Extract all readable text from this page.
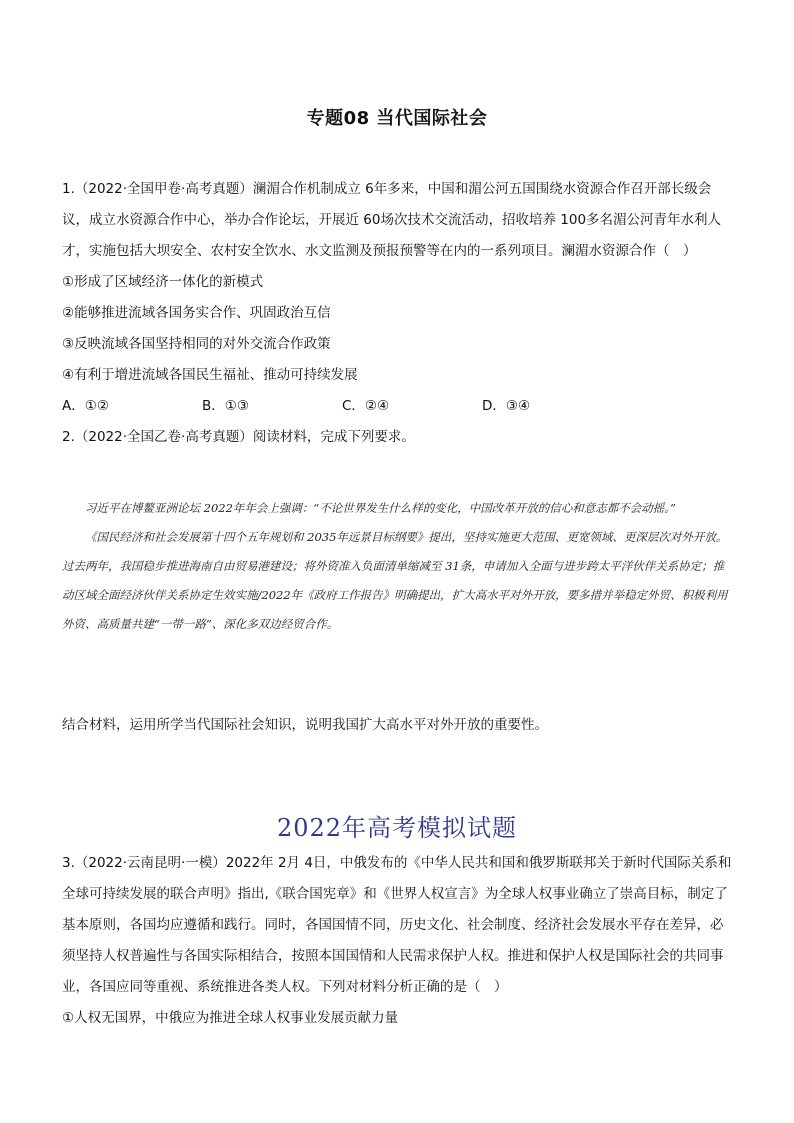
专题08 当代国际社会

1.（2022·全国甲卷·高考真题）澜湄合作机制成立 6年多来，中国和湄公河五国围绕水资源合作召开部长级会议，成立水资源合作中心，举办合作论坛，开展近 60场次技术交流活动，招收培养 100多名湄公河青年水利人才，实施包括大坝安全、农村安全饮水、水文监测及预报预警等在内的一系列项目。澜湄水资源合作（　）

①形成了区域经济一体化的新模式

②能够推进流域各国务实合作、巩固政治互信

③反映流域各国坚持相同的对外交流合作政策

④有利于增进流域各国民生福祉、推动可持续发展

A．①②	B．①③	C．②④	D．③④

2.（2022·全国乙卷·高考真题）阅读材料，完成下列要求。

习近平在博鳌亚洲论坛 2022年年会上强调：“不论世界发生什么样的变化，中国改革开放的信心和意志都不会动摇。”

《国民经济和社会发展第十四个五年规划和 2035年远景目标纲要》提出，坚持实施更大范围、更宽领域、更深层次对外开放。过去两年，我国稳步推进海南自由贸易港建设；将外资准入负面清单缩减至 31条，申请加入全面与进步跨太平洋伙伴关系协定；推动区域全面经济伙伴关系协定生效实施/2022年《政府工作报告》明确提出，扩大高水平对外开放，要多措并举稳定外贸、积极利用外资、高质量共建“一带一路”、深化多双边经贸合作。

结合材料，运用所学当代国际社会知识，说明我国扩大高水平对外开放的重要性。

2022年高考模拟试题

3.（2022·云南昆明·一模）2022年 2月 4日，中俄发布的《中华人民共和国和俄罗斯联邦关于新时代国际关系和全球可持续发展的联合声明》指出,《联合国宪章》和《世界人权宣言》为全球人权事业确立了崇高目标，制定了基本原则，各国均应遵循和践行。同时，各国国情不同，历史文化、社会制度、经济社会发展水平存在差异，必须坚持人权普遍性与各国实际相结合，按照本国国情和人民需求保护人权。推进和保护人权是国际社会的共同事业，各国应同等重视、系统推进各类人权。下列对材料分析正确的是（　）

①人权无国界，中俄应为推进全球人权事业发展贡献力量
